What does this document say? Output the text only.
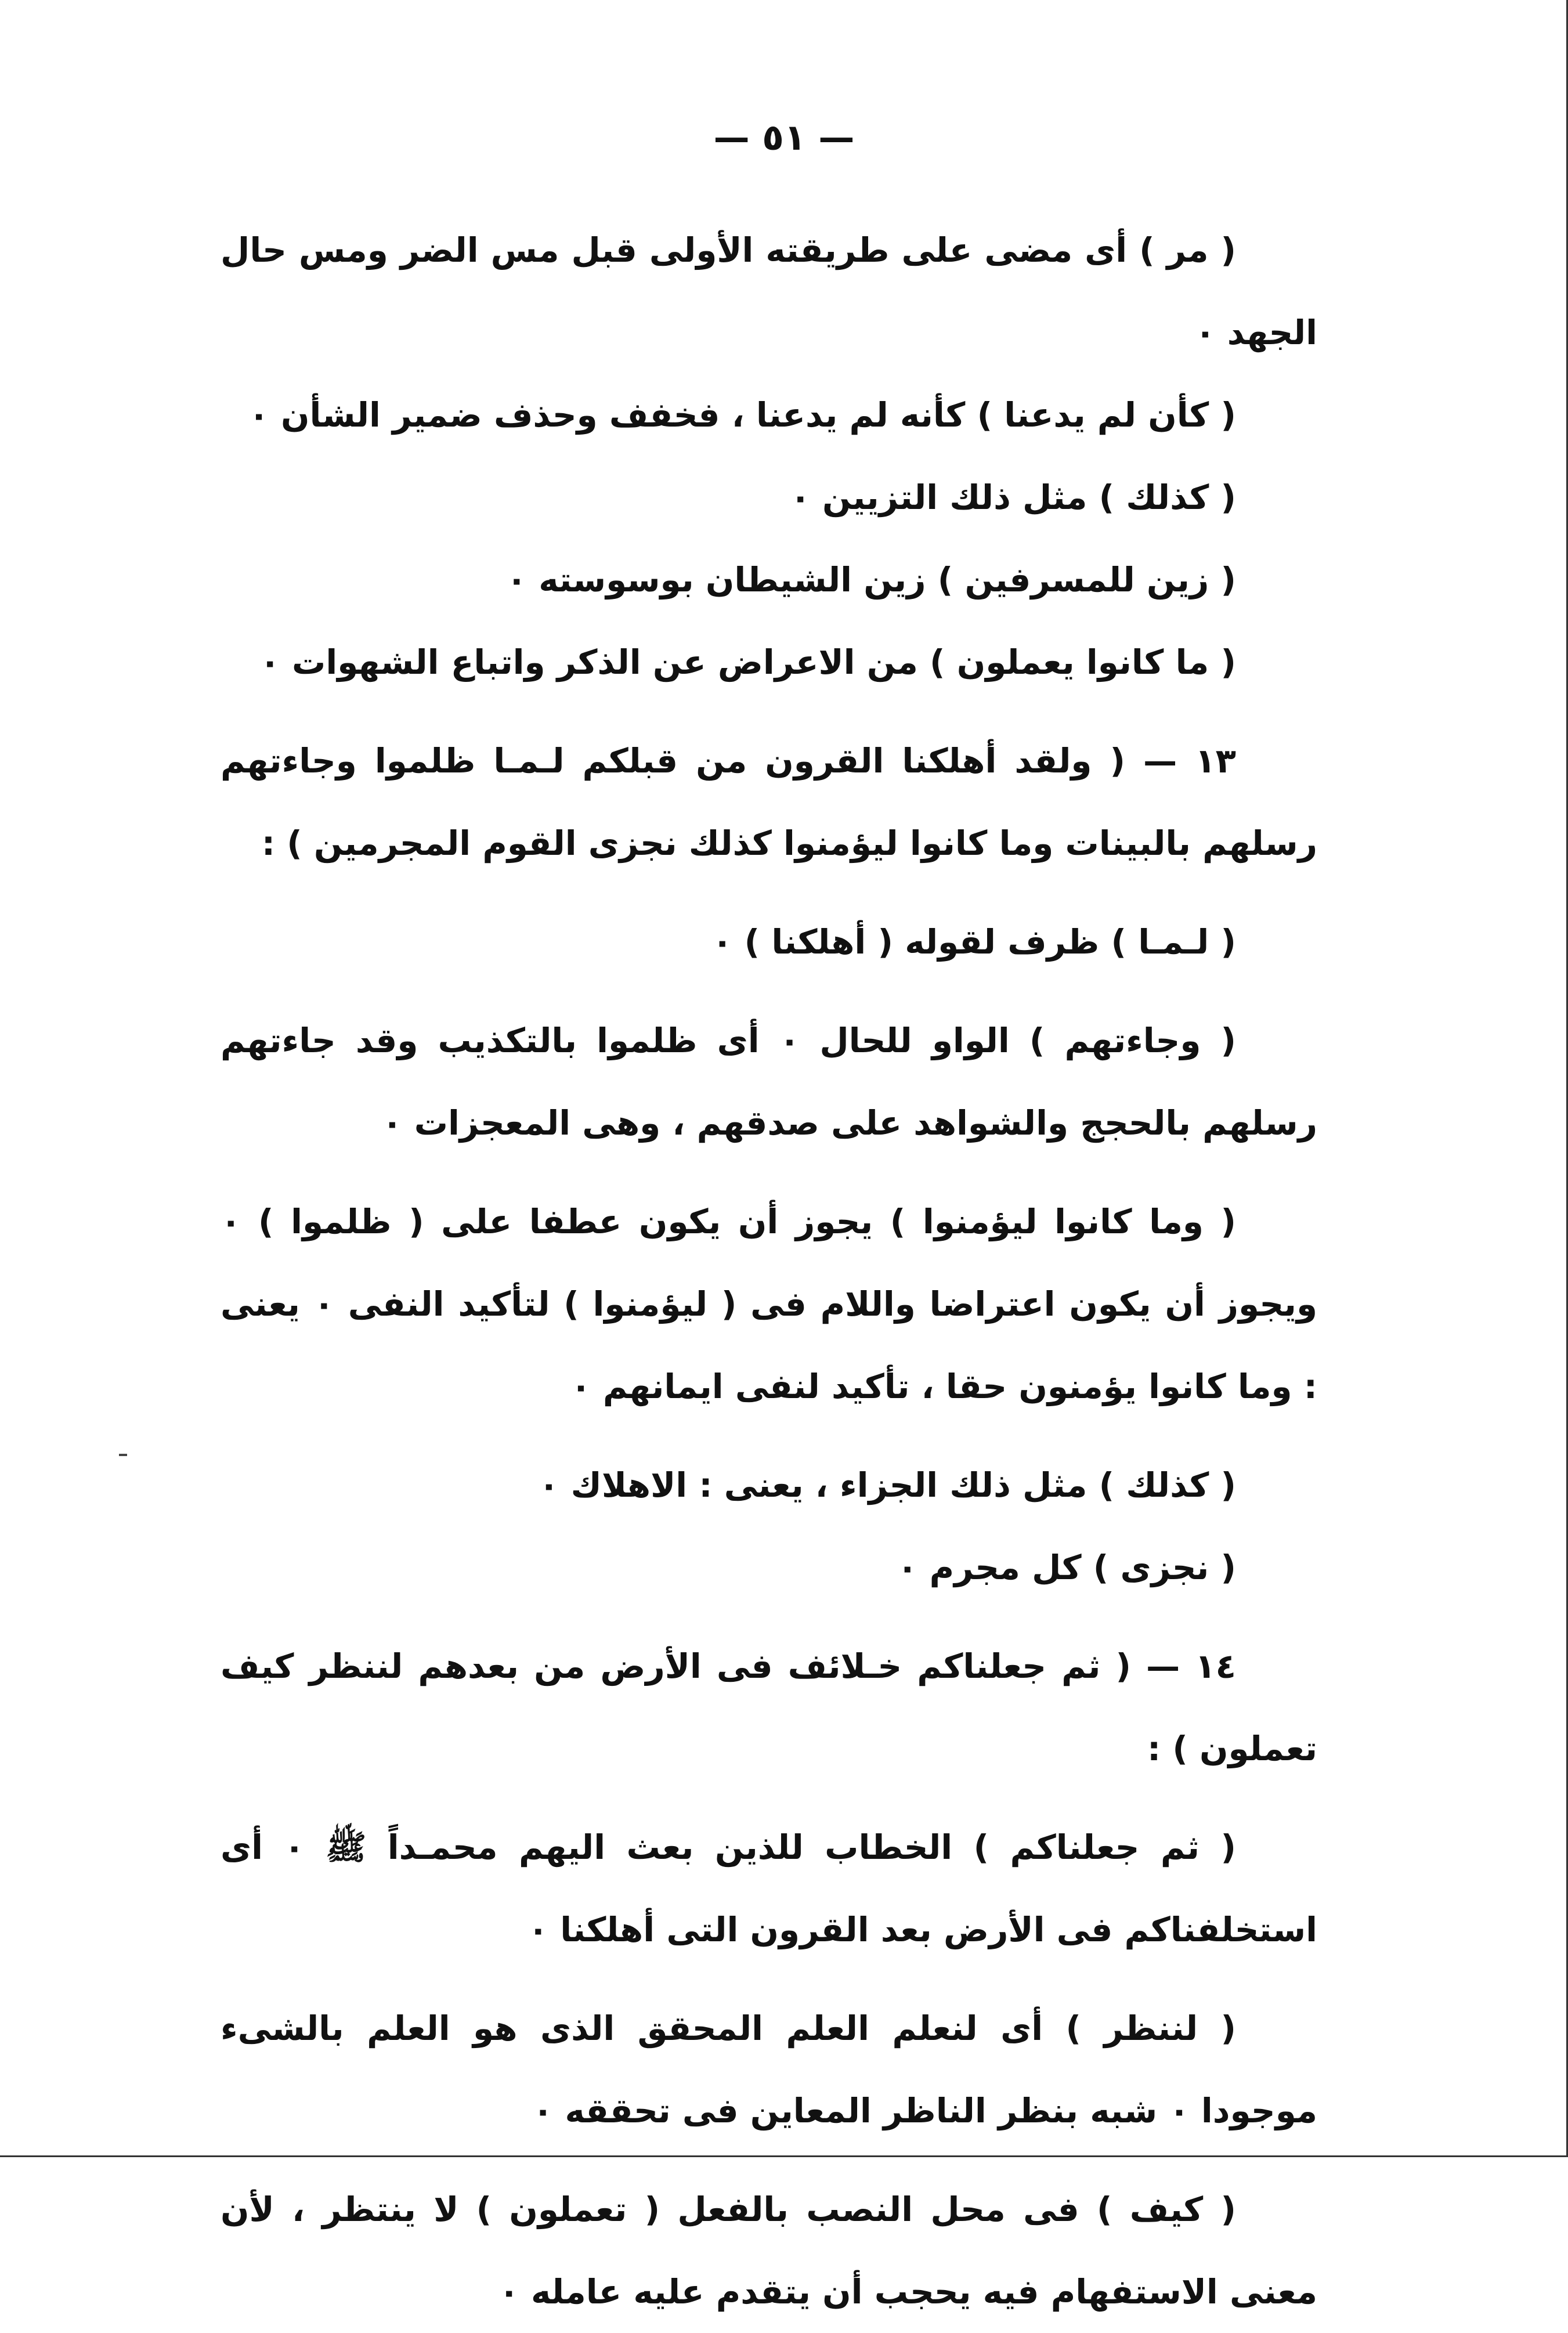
— ٥١ —

( مر ) أى مضى على طريقته الأولى قبل مس الضر ومس حال الجهد ٠

( كأن لم يدعنا ) كأنه لم يدعنا ، فخفف وحذف ضمير الشأن ٠

( كذلك ) مثل ذلك التزيين ٠

( زين للمسرفين ) زين الشيطان بوسوسته ٠

( ما كانوا يعملون ) من الاعراض عن الذكر واتباع الشهوات ٠

١٣ — ( ولقد أهلكنا القرون من قبلكم لـمـا ظلموا وجاءتهم رسلهم بالبينات وما كانوا ليؤمنوا كذلك نجزى القوم المجرمين ) :

( لـمـا ) ظرف لقوله ( أهلكنا ) ٠

( وجاءتهم ) الواو للحال ٠ أى ظلموا بالتكذيب وقد جاءتهم رسلهم بالحجج والشواهد على صدقهم ، وهى المعجزات ٠

( وما كانوا ليؤمنوا ) يجوز أن يكون عطفا على ( ظلموا ) ٠ ويجوز أن يكون اعتراضا واللام فى ( ليؤمنوا ) لتأكيد النفى ٠ يعنى : وما كانوا يؤمنون حقا ، تأكيد لنفى ايمانهم ٠

( كذلك ) مثل ذلك الجزاء ، يعنى : الاهلاك ٠

( نجزى ) كل مجرم ٠

١٤ — ( ثم جعلناكم خـلائف فى الأرض من بعدهم لننظر كيف تعملون ) :

( ثم جعلناكم ) الخطاب للذين بعث اليهم محمـداً ﷺ ٠ أى استخلفناكم فى الأرض بعد القرون التى أهلكنا ٠

( لننظر ) أى لنعلم العلم المحقق الذى هو العلم بالشىء موجودا ٠ شبه بنظر الناظر المعاين فى تحققه ٠

( كيف ) فى محل النصب بالفعل ( تعملون ) لا ينتظر ، لأن معنى الاستفهام فيه يحجب أن يتقدم عليه عامله ٠
